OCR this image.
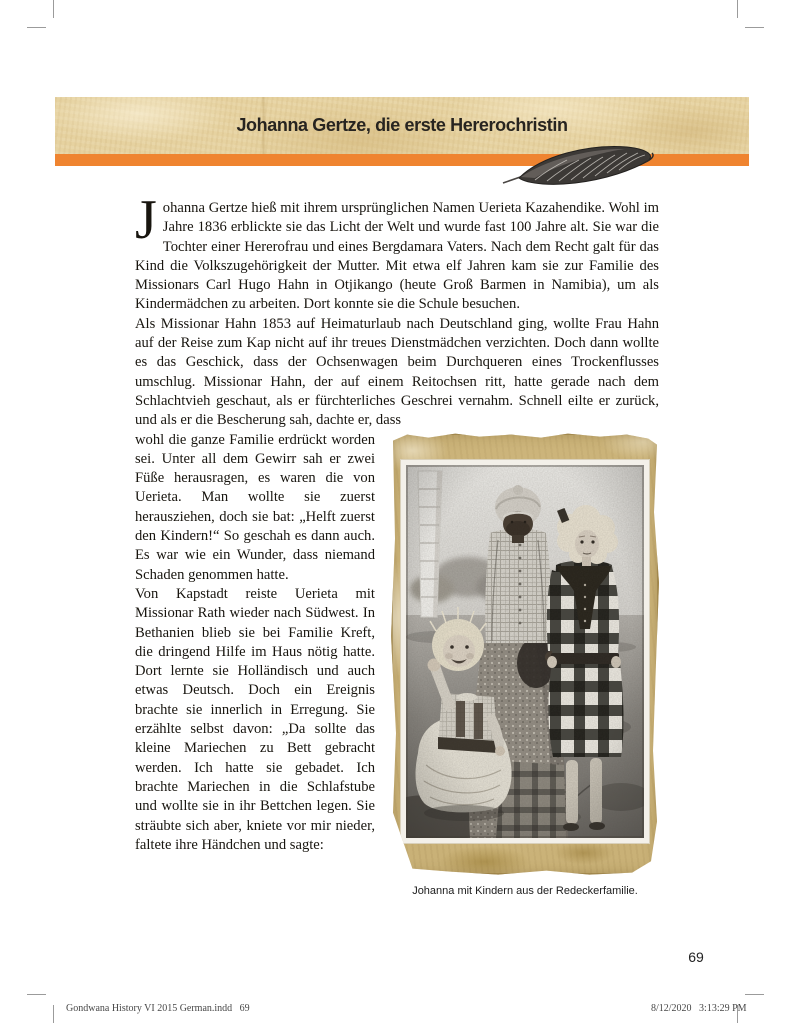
Johanna Gertze, die erste Hererochristin

Johanna Gertze hieß mit ihrem ursprünglichen Namen Uerieta Kazahendike. Wohl im Jahre 1836 erblickte sie das Licht der Welt und wurde fast 100 Jahre alt. Sie war die Tochter einer Hererofrau und eines Bergdamara Vaters. Nach dem Recht galt für das Kind die Volkszugehörigkeit der Mutter. Mit etwa elf Jahren kam sie zur Familie des Missionars Carl Hugo Hahn in Otjikango (heute Groß Barmen in Namibia), um als Kindermädchen zu arbeiten. Dort konnte sie die Schule besuchen.

Als Missionar Hahn 1853 auf Heimaturlaub nach Deutschland ging, wollte Frau Hahn auf der Reise zum Kap nicht auf ihr treues Dienstmädchen verzichten. Doch dann wollte es das Geschick, dass der Ochsenwagen beim Durchqueren eines Trockenflusses umschlug. Missionar Hahn, der auf einem Reitochsen ritt, hatte gerade nach dem Schlachtvieh geschaut, als er fürchterliches Geschrei vernahm. Schnell eilte er zurück, und als er die Bescherung sah, dachte er, dass

Johanna mit Kindern aus der Redeckerfamilie.

wohl die ganze Familie erdrückt worden sei. Unter all dem Gewirr sah er zwei Füße herausragen, es waren die von Uerieta. Man wollte sie zuerst herausziehen, doch sie bat: „Helft zuerst den Kindern!“ So geschah es dann auch. Es war wie ein Wunder, dass niemand Schaden genommen hatte.

Von Kapstadt reiste Uerieta mit Missionar Rath wieder nach Südwest. In Bethanien blieb sie bei Familie Kreft, die dringend Hilfe im Haus nötig hatte. Dort lernte sie Holländisch und auch etwas Deutsch. Doch ein Ereignis brachte sie innerlich in Erregung. Sie erzählte selbst davon: „Da sollte das kleine Mariechen zu Bett gebracht werden. Ich hatte sie gebadet. Ich brachte Mariechen in die Schlafstube und wollte sie in ihr Bettchen legen. Sie sträubte sich aber, kniete vor mir nieder, faltete ihre Händchen und sagte:

69
Gondwana History VI 2015 German.indd   69	8/12/2020   3:13:29 PM
